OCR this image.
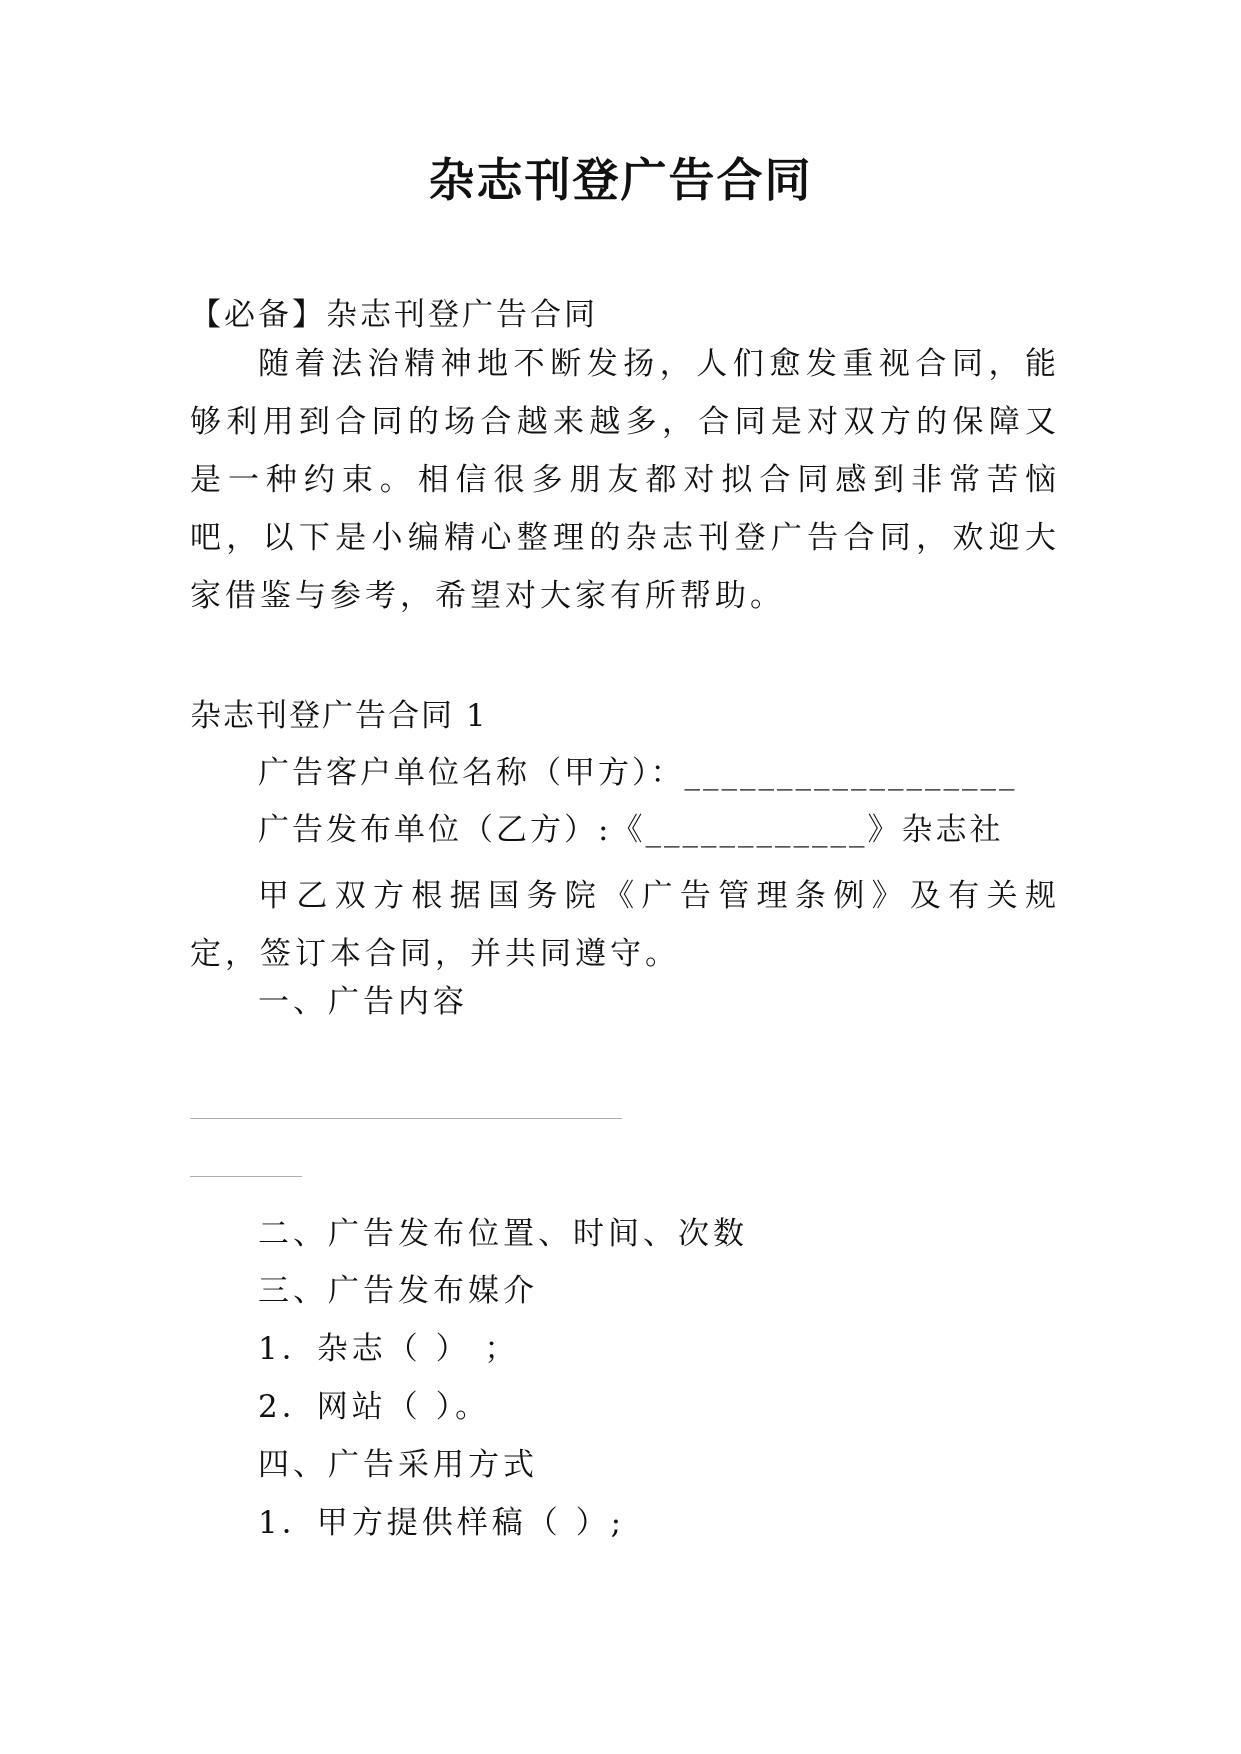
杂志刊登广告合同
【必备】杂志刊登广告合同
随着法治精神地不断发扬，人们愈发重视合同，能够利用到合同的场合越来越多，合同是对双方的保障又是一种约束。相信很多朋友都对拟合同感到非常苦恼吧，以下是小编精心整理的杂志刊登广告合同，欢迎大家借鉴与参考，希望对大家有所帮助。
杂志刊登广告合同 1
广告客户单位名称（甲方）：__________________
广告发布单位（乙方）:《____________》杂志社
甲乙双方根据国务院《广告管理条例》及有关规定，签订本合同，并共同遵守。
一、广告内容
______________________________________________________
______________
二、广告发布位置、时间、次数
三、广告发布媒介
1．杂志（ ） ；
2．网站（ ）。
四、广告采用方式
1．甲方提供样稿（ ）;
